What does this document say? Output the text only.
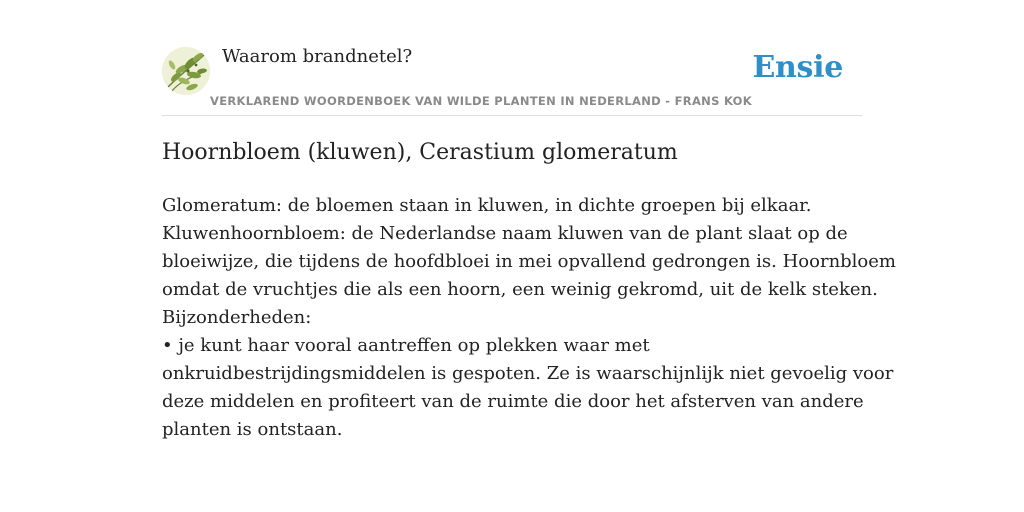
Waarom brandnetel?
VERKLAREND WOORDENBOEK VAN WILDE PLANTEN IN NEDERLAND - FRANS KOK
Ensie
Hoornbloem (kluwen), Cerastium glomeratum
Glomeratum: de bloemen staan in kluwen, in dichte groepen bij elkaar.
Kluwenhoornbloem: de Nederlandse naam kluwen van de plant slaat op de
bloeiwijze, die tijdens de hoofdbloei in mei opvallend gedrongen is. Hoornbloem
omdat de vruchtjes die als een hoorn, een weinig gekromd, uit de kelk steken.
Bijzonderheden:
• je kunt haar vooral aantreffen op plekken waar met
onkruidbestrijdingsmiddelen is gespoten. Ze is waarschijnlijk niet gevoelig voor
deze middelen en profiteert van de ruimte die door het afsterven van andere
planten is ontstaan.
